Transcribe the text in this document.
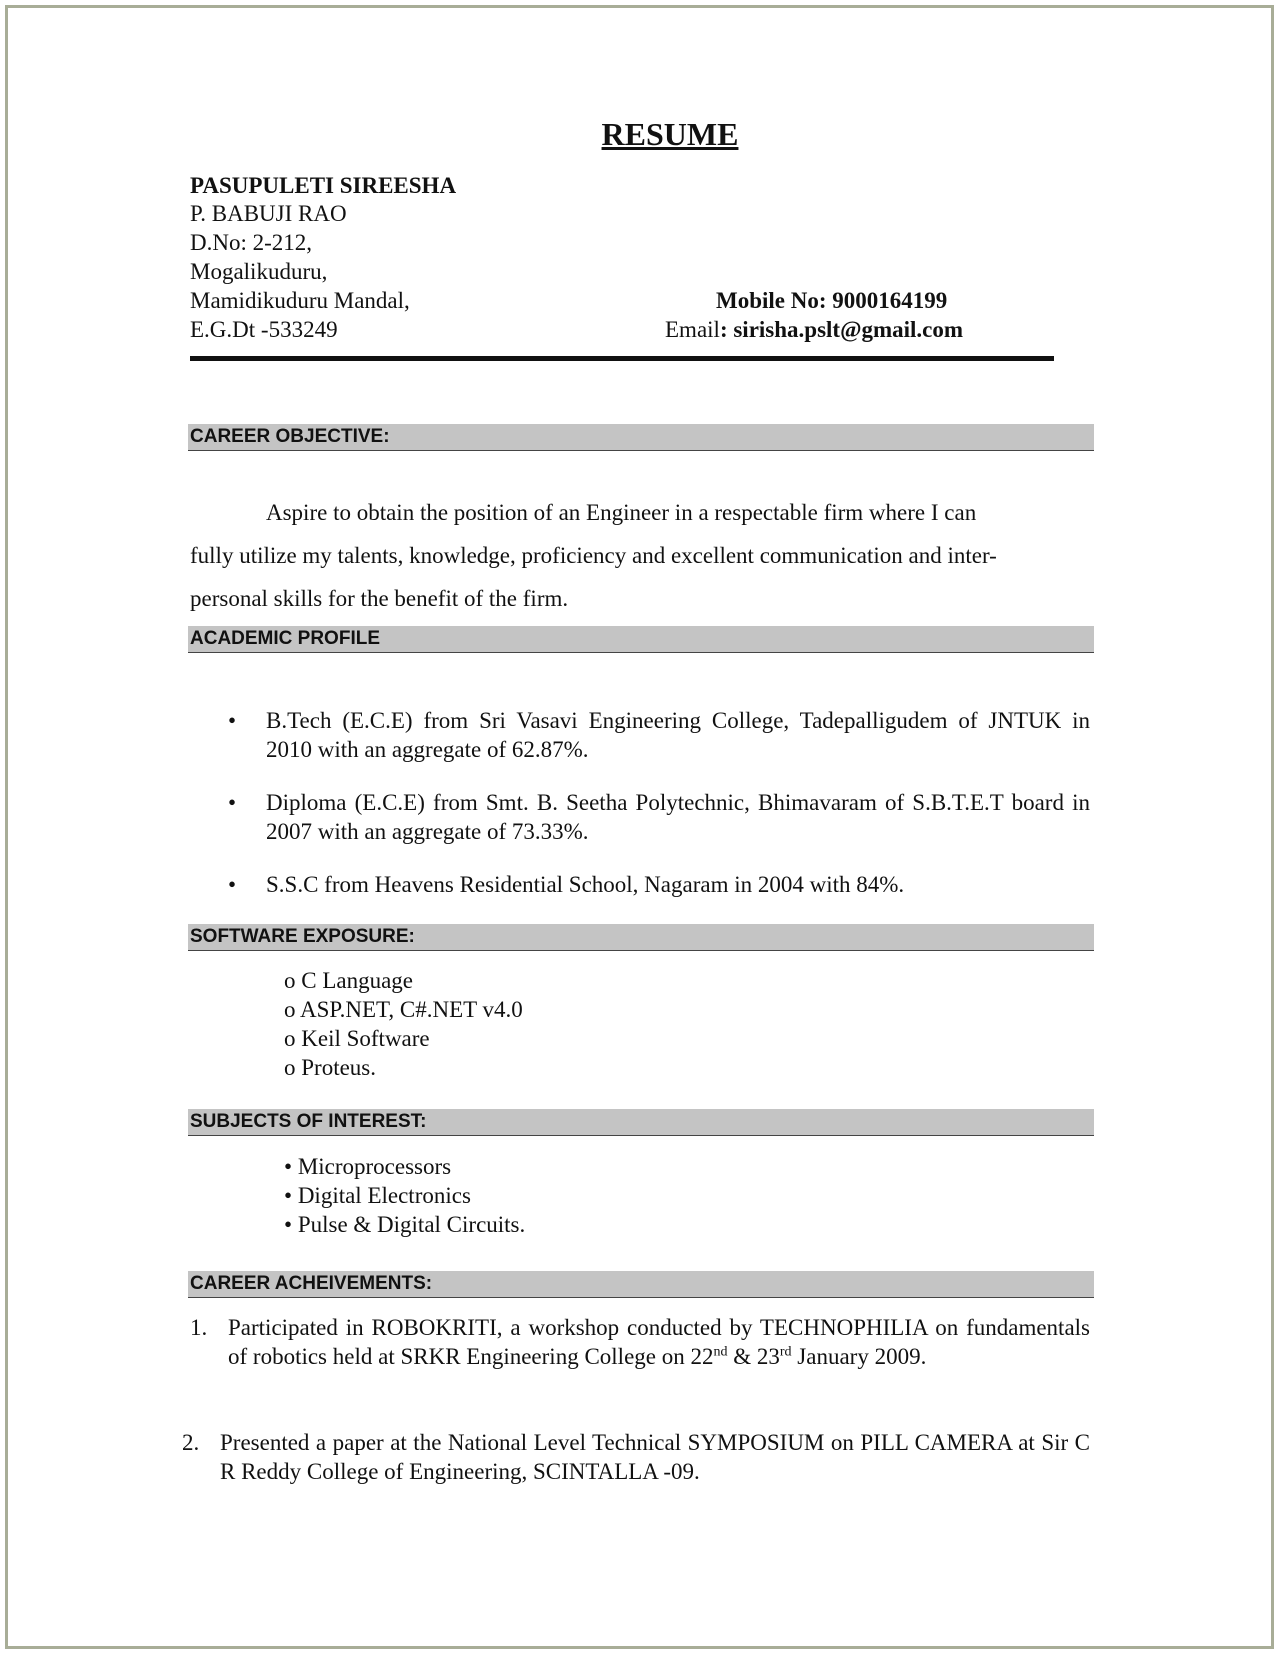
RESUME
PASUPULETI SIREESHA
P. BABUJI RAO
D.No: 2-212,
Mogalikuduru,
Mamidikuduru Mandal,
E.G.Dt -533249
Mobile No: 9000164199
Email: sirisha.pslt@gmail.com
CAREER OBJECTIVE:

Aspire to obtain the position of an Engineer in a respectable firm where I can

fully utilize my talents, knowledge, proficiency and excellent communication and inter-

personal skills for the benefit of the firm.

ACADEMIC PROFILE
• B.Tech (E.C.E) from Sri Vasavi Engineering College, Tadepalligudem of JNTUK in 2010 with an aggregate of 62.87%.
• Diploma (E.C.E) from Smt. B. Seetha Polytechnic, Bhimavaram of S.B.T.E.T board in 2007 with an aggregate of 73.33%.
• S.S.C from Heavens Residential School, Nagaram in 2004 with 84%.
SOFTWARE EXPOSURE:
o C Language
o ASP.NET, C#.NET v4.0
o Keil Software
o Proteus.
SUBJECTS OF INTEREST:
• Microprocessors
• Digital Electronics
• Pulse & Digital Circuits.
CAREER ACHEIVEMENTS:
1. Participated in ROBOKRITI, a workshop conducted by TECHNOPHILIA on fundamentals of robotics held at SRKR Engineering College on 22nd & 23rd January 2009.
2. Presented a paper at the National Level Technical SYMPOSIUM on PILL CAMERA at Sir C R Reddy College of Engineering, SCINTALLA -09.
